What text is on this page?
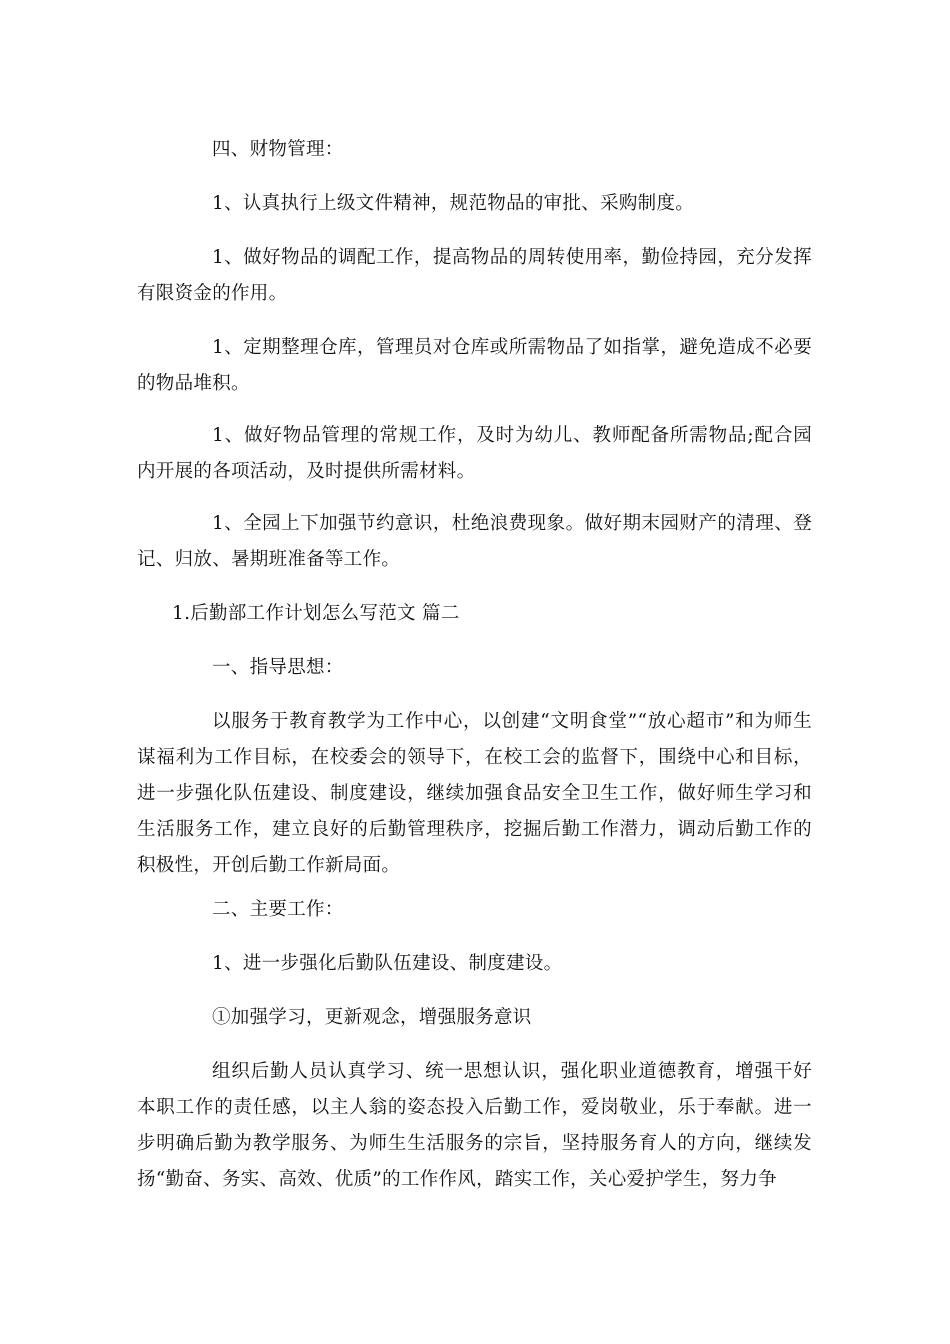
四、财物管理：

1、认真执行上级文件精神，规范物品的审批、采购制度。

1、做好物品的调配工作，提高物品的周转使用率，勤俭持园，充分发挥有限资金的作用。

1、定期整理仓库，管理员对仓库或所需物品了如指掌，避免造成不必要的物品堆积。

1、做好物品管理的常规工作，及时为幼儿、教师配备所需物品;配合园内开展的各项活动，及时提供所需材料。

1、全园上下加强节约意识，杜绝浪费现象。做好期末园财产的清理、登记、归放、暑期班准备等工作。

1.后勤部工作计划怎么写范文 篇二

一、指导思想：

以服务于教育教学为工作中心，以创建“文明食堂”“放心超市”和为师生谋福利为工作目标，在校委会的领导下，在校工会的监督下，围绕中心和目标，进一步强化队伍建设、制度建设，继续加强食品安全卫生工作，做好师生学习和生活服务工作，建立良好的后勤管理秩序，挖掘后勤工作潜力，调动后勤工作的积极性，开创后勤工作新局面。

二、主要工作：

1、进一步强化后勤队伍建设、制度建设。

①加强学习，更新观念，增强服务意识

组织后勤人员认真学习、统一思想认识，强化职业道德教育，增强干好本职工作的责任感，以主人翁的姿态投入后勤工作，爱岗敬业，乐于奉献。进一步明确后勤为教学服务、为师生生活服务的宗旨，坚持服务育人的方向，继续发扬“勤奋、务实、高效、优质”的工作作风，踏实工作，关心爱护学生，努力争
